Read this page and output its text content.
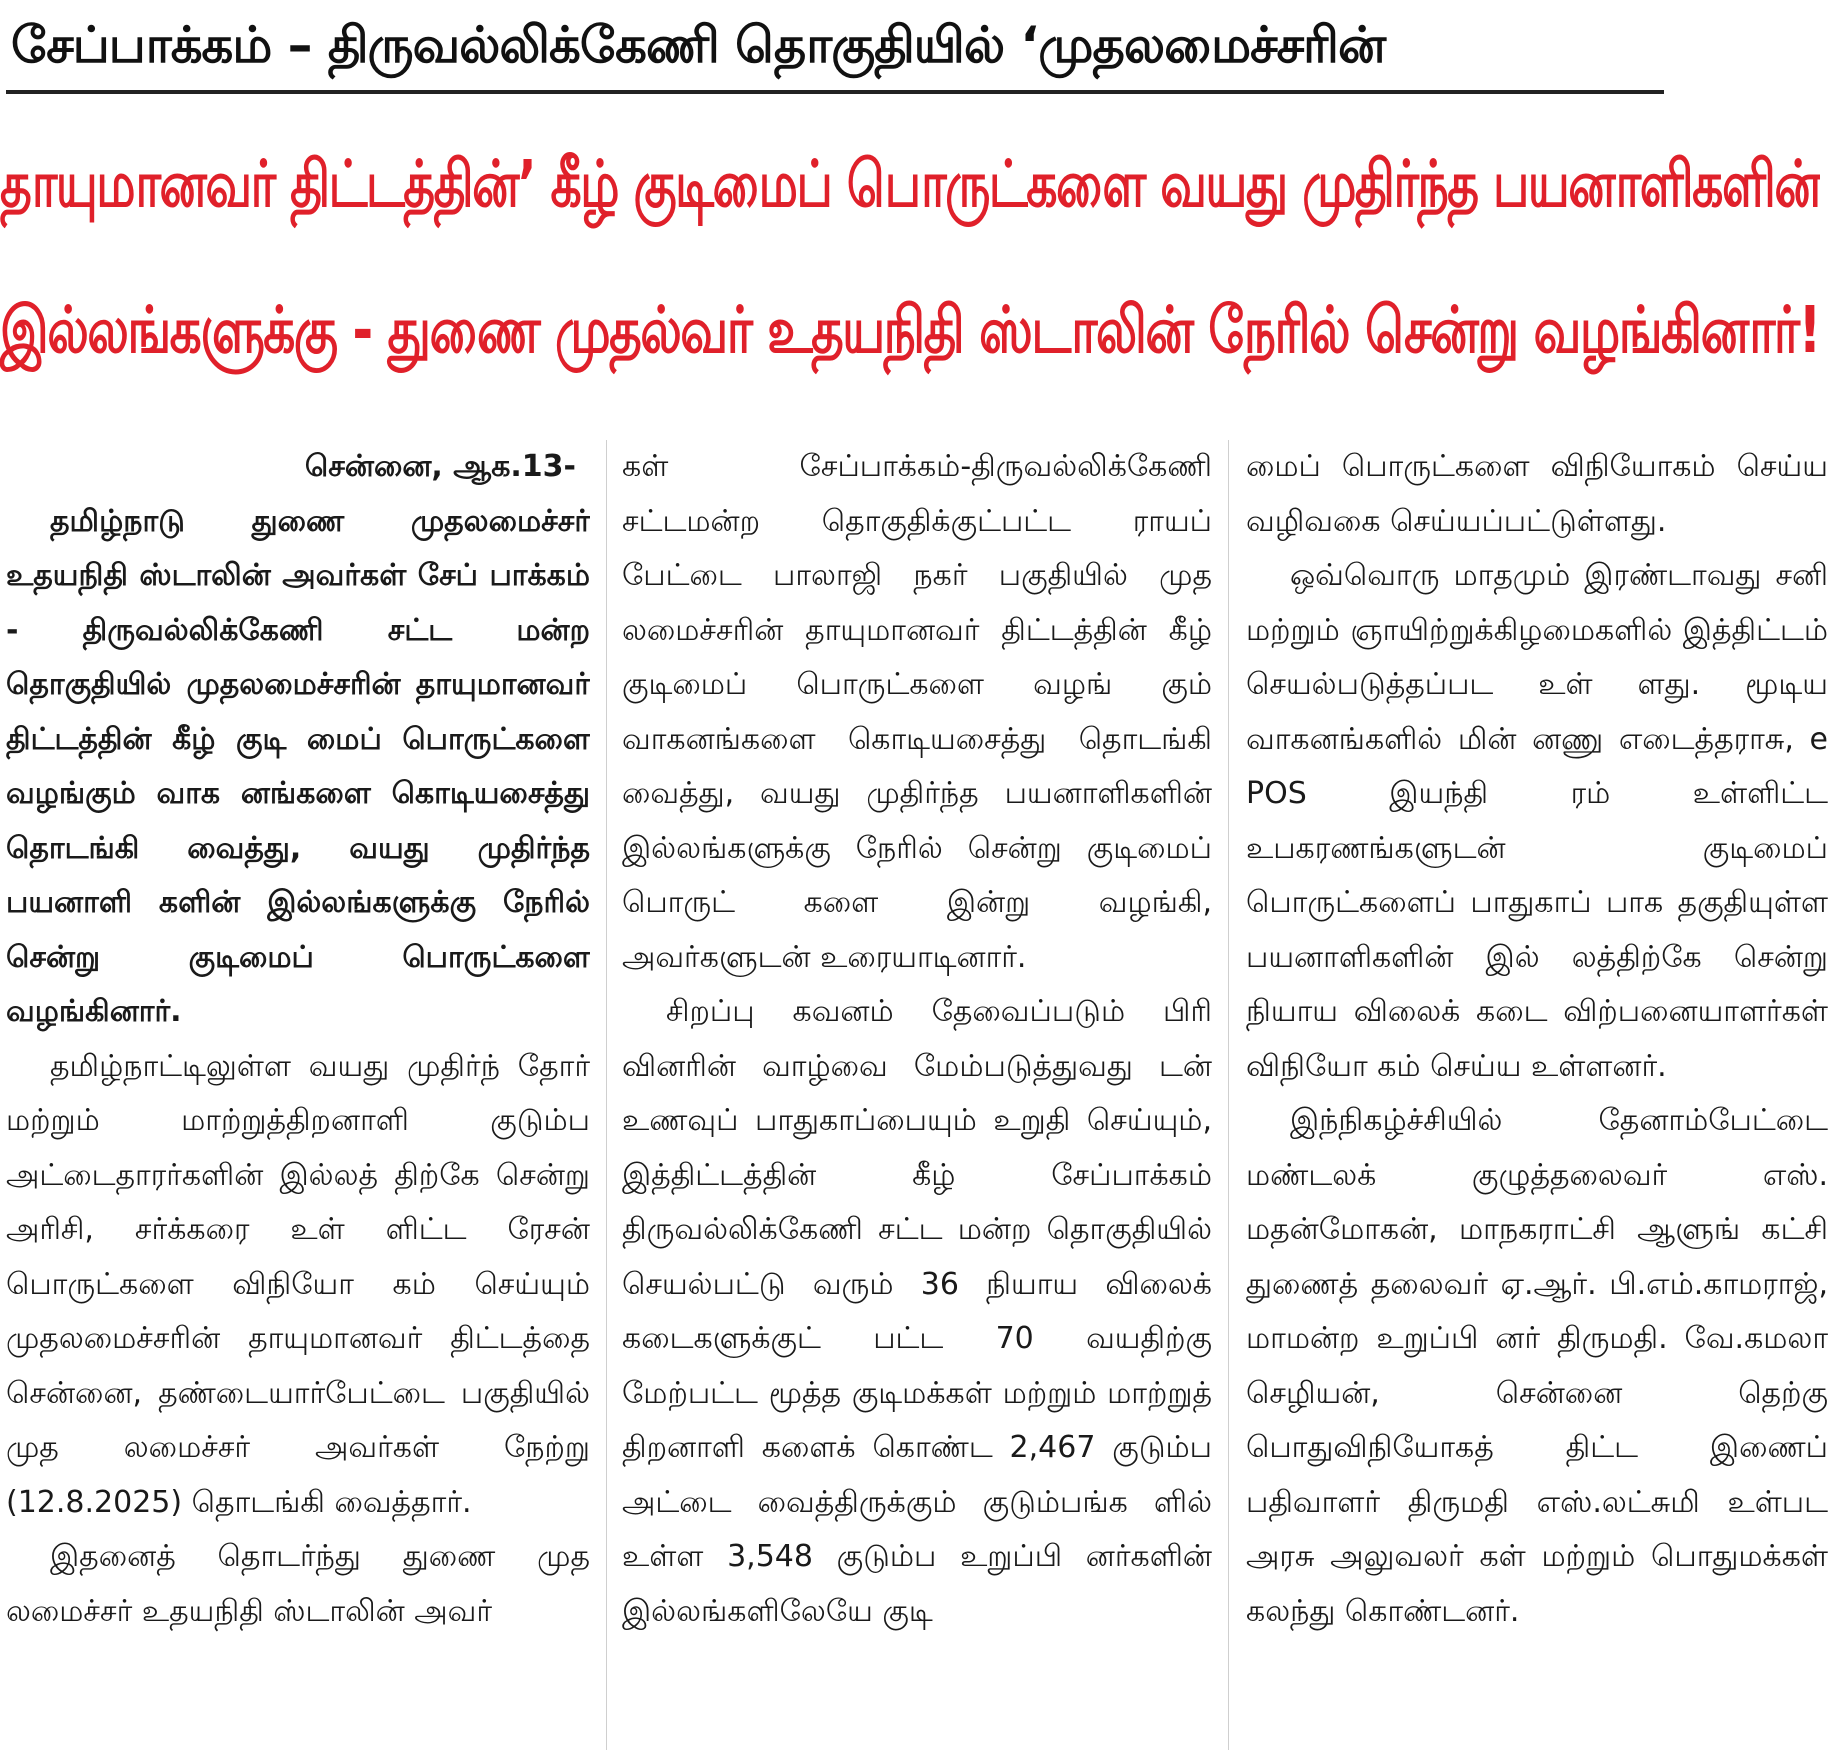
சேப்பாக்கம் – திருவல்லிக்கேணி தொகுதியில் ‘முதலமைச்சரின்
தாயுமானவர் திட்டத்தின்’ கீழ் குடிமைப் பொருட்களை வயது முதிர்ந்த பயனாளிகளின்
இல்லங்களுக்கு - துணை முதல்வர் உதயநிதி ஸ்டாலின் நேரில் சென்று வழங்கினார்!

சென்னை, ஆக.13-

தமிழ்நாடு துணை முதலமைச்சர் உதயநிதி ஸ்டாலின் அவர்கள் சேப் பாக்கம் - திருவல்லிக்கேணி சட்ட மன்ற தொகுதியில் முதலமைச்சரின் தாயுமானவர் திட்டத்தின் கீழ் குடி மைப் பொருட்களை வழங்கும் வாக னங்களை கொடியசைத்து தொடங்கி வைத்து, வயது முதிர்ந்த பயனாளி களின் இல்லங்களுக்கு நேரில் சென்று குடிமைப் பொருட்களை வழங்கினார்.

தமிழ்நாட்டிலுள்ள வயது முதிர்ந் தோர் மற்றும் மாற்றுத்திறனாளி குடும்ப அட்டைதாரர்களின் இல்லத் திற்கே சென்று அரிசி, சர்க்கரை உள் ளிட்ட ரேசன் பொருட்களை விநியோ கம் செய்யும் முதலமைச்சரின் தாயுமானவர் திட்டத்தை சென்னை, தண்டையார்பேட்டை பகுதியில் முத லமைச்சர் அவர்கள் நேற்று (12.8.2025) தொடங்கி வைத்தார்.

இதனைத் தொடர்ந்து துணை முத லமைச்சர் உதயநிதி ஸ்டாலின் அவர்

கள் சேப்பாக்கம்-திருவல்லிக்கேணி சட்டமன்ற தொகுதிக்குட்பட்ட ராயப் பேட்டை பாலாஜி நகர் பகுதியில் முத லமைச்சரின் தாயுமானவர் திட்டத்தின் கீழ் குடிமைப் பொருட்களை வழங் கும் வாகனங்களை கொடியசைத்து தொடங்கி வைத்து, வயது முதிர்ந்த பயனாளிகளின் இல்லங்களுக்கு நேரில் சென்று குடிமைப் பொருட் களை இன்று வழங்கி, அவர்களுடன் உரையாடினார்.

சிறப்பு கவனம் தேவைப்படும் பிரி வினரின் வாழ்வை மேம்படுத்துவது டன் உணவுப் பாதுகாப்பையும் உறுதி செய்யும், இத்திட்டத்தின் கீழ் சேப்பாக்கம் திருவல்லிக்கேணி சட்ட மன்ற தொகுதியில் செயல்பட்டு வரும் 36 நியாய விலைக் கடைகளுக்குட் பட்ட 70 வயதிற்கு மேற்பட்ட மூத்த குடிமக்கள் மற்றும் மாற்றுத் திறனாளி களைக் கொண்ட 2,467 குடும்ப அட்டை வைத்திருக்கும் குடும்பங்க ளில் உள்ள 3,548 குடும்ப உறுப்பி னர்களின் இல்லங்களிலேயே குடி

மைப் பொருட்களை விநியோகம் செய்ய வழிவகை செய்யப்பட்டுள்ளது.

ஒவ்வொரு மாதமும் இரண்டாவது சனி மற்றும் ஞாயிற்றுக்கிழமைகளில் இத்திட்டம் செயல்படுத்தப்பட உள் ளது. மூடிய வாகனங்களில் மின் னணு எடைத்தராசு, e POS இயந்தி ரம் உள்ளிட்ட உபகரணங்களுடன் குடிமைப் பொருட்களைப் பாதுகாப் பாக தகுதியுள்ள பயனாளிகளின் இல் லத்திற்கே சென்று நியாய விலைக் கடை விற்பனையாளர்கள் விநியோ கம் செய்ய உள்ளனர்.

இந்நிகழ்ச்சியில் தேனாம்பேட்டை மண்டலக் குழுத்தலைவர் எஸ். மதன்மோகன், மாநகராட்சி ஆளுங் கட்சி துணைத் தலைவர் ஏ.ஆர். பி.எம்.காமராஜ், மாமன்ற உறுப்பி னர் திருமதி. வே.கமலா செழியன், சென்னை தெற்கு பொதுவிநியோகத் திட்ட இணைப் பதிவாளர் திருமதி எஸ்.லட்சுமி உள்பட அரசு அலுவலர் கள் மற்றும் பொதுமக்கள் கலந்து கொண்டனர்.
